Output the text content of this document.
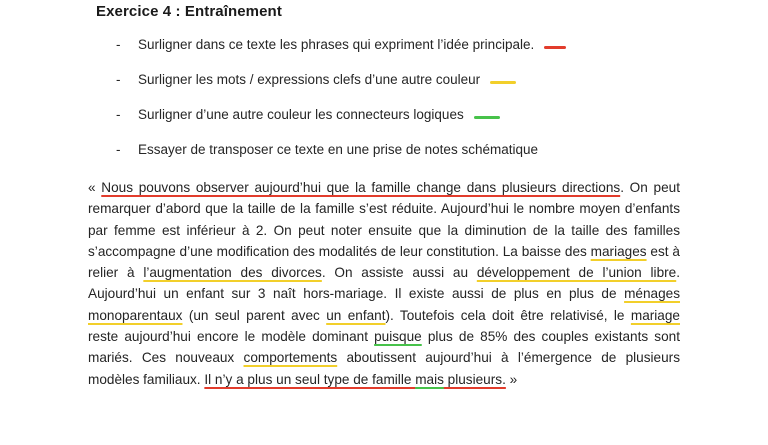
Exercice 4 : Entraînement
-	Surligner dans ce texte les phrases qui expriment l’idée principale.
-	Surligner les mots / expressions clefs d’une autre couleur
-	Surligner d’une autre couleur les connecteurs logiques
-	Essayer de transposer ce texte en une prise de notes schématique
« Nous pouvons observer aujourd’hui que la famille change dans plusieurs directions. On peut remarquer d’abord que la taille de la famille s’est réduite. Aujourd’hui le nombre moyen d’enfants par femme est inférieur à 2. On peut noter ensuite que la diminution de la taille des familles s’accompagne d’une modification des modalités de leur constitution. La baisse des mariages est à relier à l’augmentation des divorces. On assiste aussi au développement de l’union libre. Aujourd’hui un enfant sur 3 naît hors-mariage. Il existe aussi de plus en plus de ménages monoparentaux (un seul parent avec un enfant). Toutefois cela doit être relativisé, le mariage reste aujourd’hui encore le modèle dominant puisque plus de 85% des couples existants sont mariés. Ces nouveaux comportements aboutissent aujourd’hui à l’émergence de plusieurs modèles familiaux. Il n’y a plus un seul type de famille mais plusieurs. »
